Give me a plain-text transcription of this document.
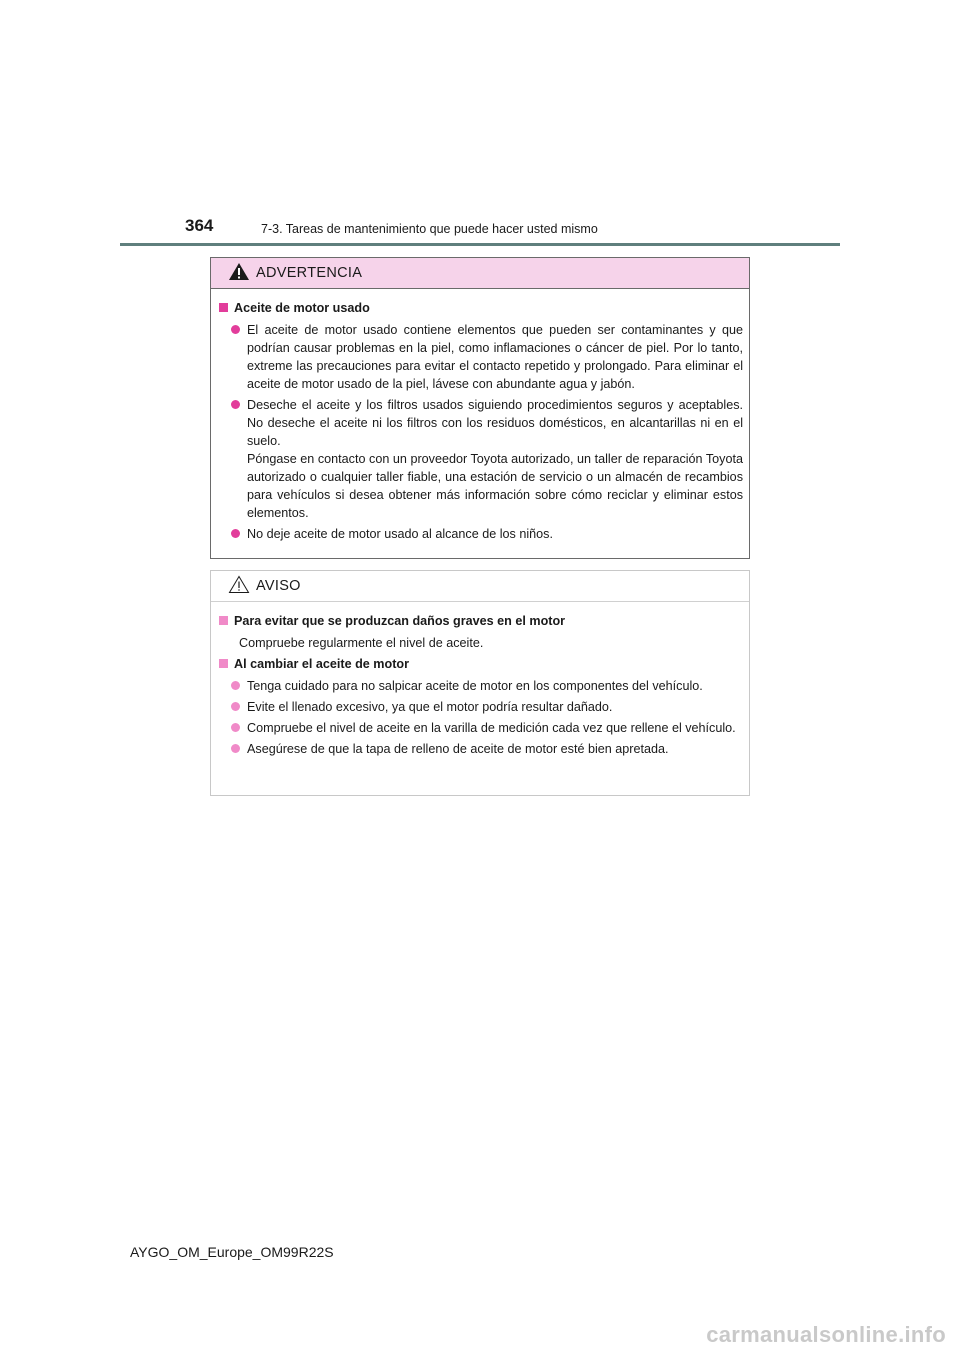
364	7-3. Tareas de mantenimiento que puede hacer usted mismo
ADVERTENCIA
Aceite de motor usado
El aceite de motor usado contiene elementos que pueden ser contaminantes y que podrían causar problemas en la piel, como inflamaciones o cáncer de piel. Por lo tanto, extreme las precauciones para evitar el contacto repetido y prolongado. Para eliminar el aceite de motor usado de la piel, lávese con abundante agua y jabón.
Deseche el aceite y los filtros usados siguiendo procedimientos seguros y aceptables. No deseche el aceite ni los filtros con los residuos domésticos, en alcantarillas ni en el suelo.
Póngase en contacto con un proveedor Toyota autorizado, un taller de reparación Toyota autorizado o cualquier taller fiable, una estación de servicio o un almacén de recambios para vehículos si desea obtener más información sobre cómo reciclar y eliminar estos elementos.
No deje aceite de motor usado al alcance de los niños.
AVISO
Para evitar que se produzcan daños graves en el motor
Compruebe regularmente el nivel de aceite.
Al cambiar el aceite de motor
Tenga cuidado para no salpicar aceite de motor en los componentes del vehículo.
Evite el llenado excesivo, ya que el motor podría resultar dañado.
Compruebe el nivel de aceite en la varilla de medición cada vez que rellene el vehículo.
Asegúrese de que la tapa de relleno de aceite de motor esté bien apretada.
AYGO_OM_Europe_OM99R22S
carmanualsonline.info
